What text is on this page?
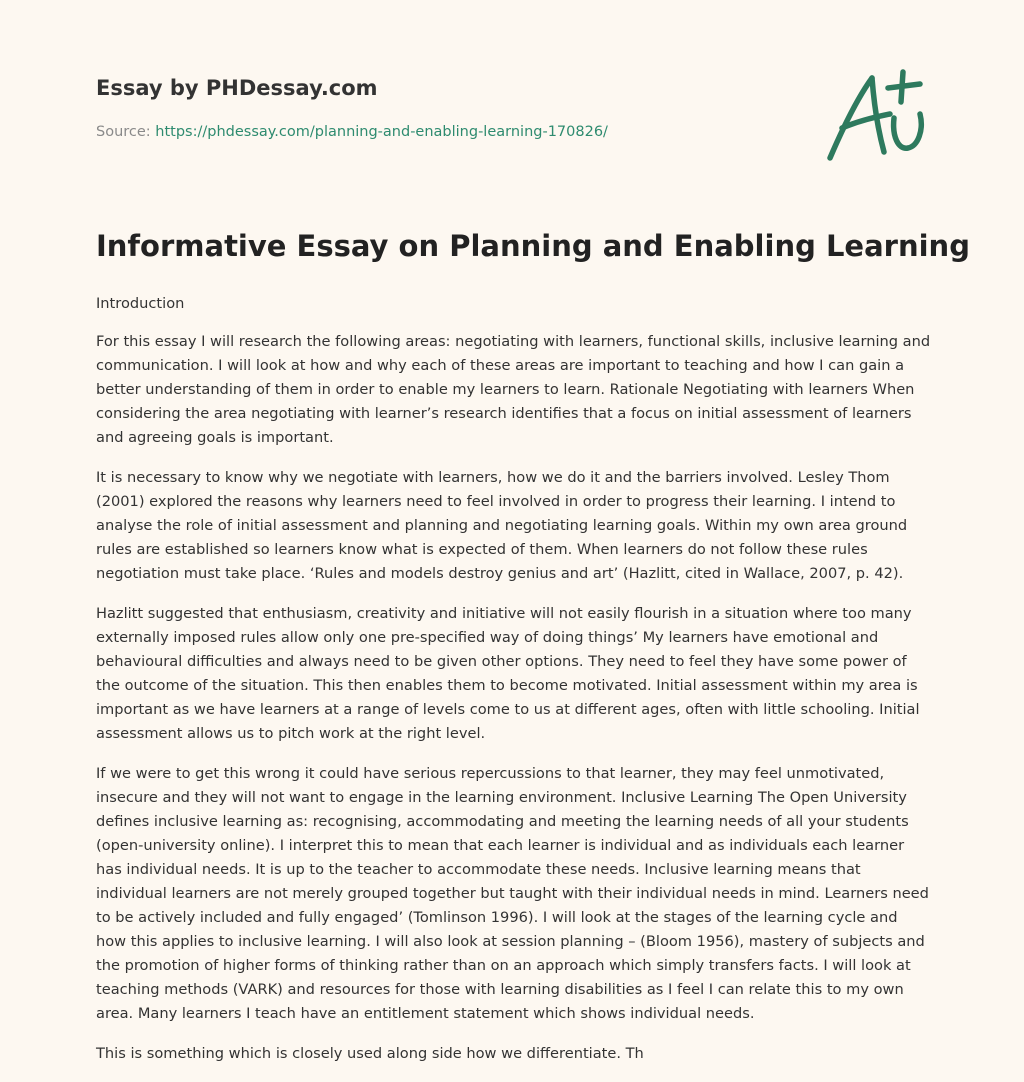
Essay by PHDessay.com
Source: https://phdessay.com/planning-and-enabling-learning-170826/
Informative Essay on Planning and Enabling Learning

Introduction

For this essay I will research the following areas: negotiating with learners, functional skills, inclusive learning and communication. I will look at how and why each of these areas are important to teaching and how I can gain a better understanding of them in order to enable my learners to learn. Rationale Negotiating with learners When considering the area negotiating with learner’s research identifies that a focus on initial assessment of learners and agreeing goals is important.

It is necessary to know why we negotiate with learners, how we do it and the barriers involved. Lesley Thom (2001) explored the reasons why learners need to feel involved in order to progress their learning. I intend to analyse the role of initial assessment and planning and negotiating learning goals. Within my own area ground rules are established so learners know what is expected of them. When learners do not follow these rules negotiation must take place. ‘Rules and models destroy genius and art’ (Hazlitt, cited in Wallace, 2007, p. 42).

Hazlitt suggested that enthusiasm, creativity and initiative will not easily flourish in a situation where too many externally imposed rules allow only one pre-specified way of doing things’ My learners have emotional and behavioural difficulties and always need to be given other options. They need to feel they have some power of the outcome of the situation. This then enables them to become motivated. Initial assessment within my area is important as we have learners at a range of levels come to us at different ages, often with little schooling. Initial assessment allows us to pitch work at the right level.

If we were to get this wrong it could have serious repercussions to that learner, they may feel unmotivated, insecure and they will not want to engage in the learning environment. Inclusive Learning The Open University defines inclusive learning as: recognising, accommodating and meeting the learning needs of all your students (open-university online). I interpret this to mean that each learner is individual and as individuals each learner has individual needs. It is up to the teacher to accommodate these needs. Inclusive learning means that individual learners are not merely grouped together but taught with their individual needs in mind. Learners need to be actively included and fully engaged’ (Tomlinson 1996). I will look at the stages of the learning cycle and how this applies to inclusive learning. I will also look at session planning – (Bloom 1956), mastery of subjects and the promotion of higher forms of thinking rather than on an approach which simply transfers facts. I will look at teaching methods (VARK) and resources for those with learning disabilities as I feel I can relate this to my own area. Many learners I teach have an entitlement statement which shows individual needs.

This is something which is closely used along side how we differentiate. Th
